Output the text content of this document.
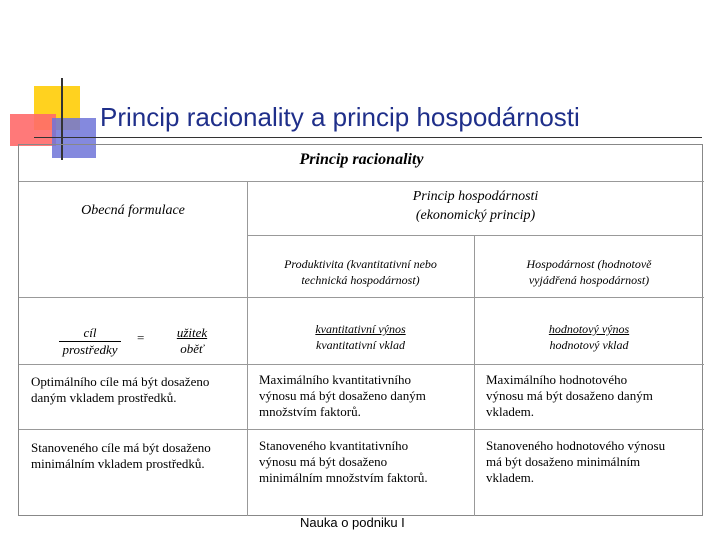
Princip racionality a princip hospodárnosti
Princip racionality
Obecná formulace
Princip hospodárnosti
(ekonomický princip)
Produktivita (kvantitativní nebo
technická hospodárnost)
Hospodárnost (hodnotově
vyjádřená hospodárnost)
cíl
prostředky
=	užitek
oběť
kvantitativní výnos
kvantitativní vklad
hodnotový výnos
hodnotový vklad
Optimálního cíle má být dosaženo
daným vkladem prostředků.
Maximálního kvantitativního
výnosu má být dosaženo daným
množstvím faktorů.
Maximálního hodnotového
výnosu má být dosaženo daným
vkladem.
Stanoveného cíle má být dosaženo
minimálním vkladem prostředků.
Stanoveného kvantitativního
výnosu má být dosaženo
minimálním množstvím faktorů.
Stanoveného hodnotového výnosu
má být dosaženo minimálním
vkladem.
Nauka o podniku I
